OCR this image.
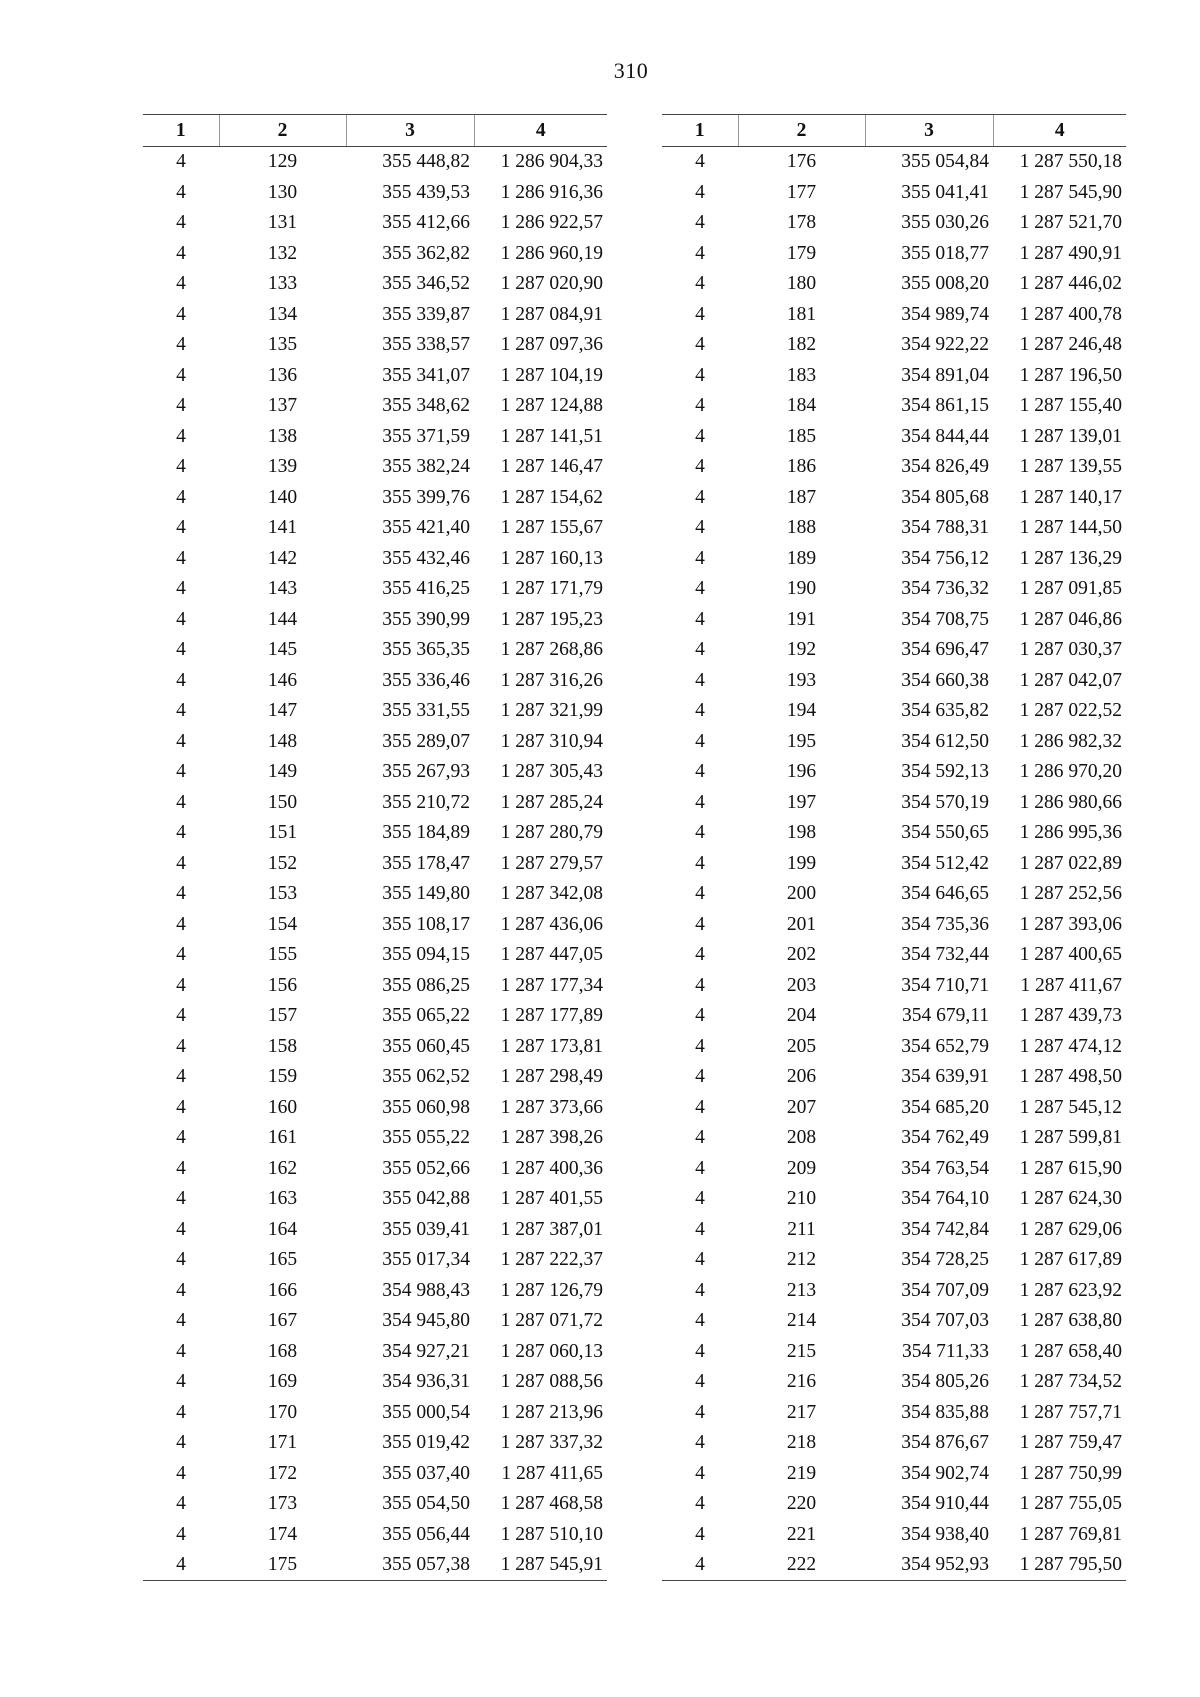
310
1	2	3	4
4	129	355 448,82	1 286 904,33
4	130	355 439,53	1 286 916,36
4	131	355 412,66	1 286 922,57
4	132	355 362,82	1 286 960,19
4	133	355 346,52	1 287 020,90
4	134	355 339,87	1 287 084,91
4	135	355 338,57	1 287 097,36
4	136	355 341,07	1 287 104,19
4	137	355 348,62	1 287 124,88
4	138	355 371,59	1 287 141,51
4	139	355 382,24	1 287 146,47
4	140	355 399,76	1 287 154,62
4	141	355 421,40	1 287 155,67
4	142	355 432,46	1 287 160,13
4	143	355 416,25	1 287 171,79
4	144	355 390,99	1 287 195,23
4	145	355 365,35	1 287 268,86
4	146	355 336,46	1 287 316,26
4	147	355 331,55	1 287 321,99
4	148	355 289,07	1 287 310,94
4	149	355 267,93	1 287 305,43
4	150	355 210,72	1 287 285,24
4	151	355 184,89	1 287 280,79
4	152	355 178,47	1 287 279,57
4	153	355 149,80	1 287 342,08
4	154	355 108,17	1 287 436,06
4	155	355 094,15	1 287 447,05
4	156	355 086,25	1 287 177,34
4	157	355 065,22	1 287 177,89
4	158	355 060,45	1 287 173,81
4	159	355 062,52	1 287 298,49
4	160	355 060,98	1 287 373,66
4	161	355 055,22	1 287 398,26
4	162	355 052,66	1 287 400,36
4	163	355 042,88	1 287 401,55
4	164	355 039,41	1 287 387,01
4	165	355 017,34	1 287 222,37
4	166	354 988,43	1 287 126,79
4	167	354 945,80	1 287 071,72
4	168	354 927,21	1 287 060,13
4	169	354 936,31	1 287 088,56
4	170	355 000,54	1 287 213,96
4	171	355 019,42	1 287 337,32
4	172	355 037,40	1 287 411,65
4	173	355 054,50	1 287 468,58
4	174	355 056,44	1 287 510,10
4	175	355 057,38	1 287 545,91
1	2	3	4
4	176	355 054,84	1 287 550,18
4	177	355 041,41	1 287 545,90
4	178	355 030,26	1 287 521,70
4	179	355 018,77	1 287 490,91
4	180	355 008,20	1 287 446,02
4	181	354 989,74	1 287 400,78
4	182	354 922,22	1 287 246,48
4	183	354 891,04	1 287 196,50
4	184	354 861,15	1 287 155,40
4	185	354 844,44	1 287 139,01
4	186	354 826,49	1 287 139,55
4	187	354 805,68	1 287 140,17
4	188	354 788,31	1 287 144,50
4	189	354 756,12	1 287 136,29
4	190	354 736,32	1 287 091,85
4	191	354 708,75	1 287 046,86
4	192	354 696,47	1 287 030,37
4	193	354 660,38	1 287 042,07
4	194	354 635,82	1 287 022,52
4	195	354 612,50	1 286 982,32
4	196	354 592,13	1 286 970,20
4	197	354 570,19	1 286 980,66
4	198	354 550,65	1 286 995,36
4	199	354 512,42	1 287 022,89
4	200	354 646,65	1 287 252,56
4	201	354 735,36	1 287 393,06
4	202	354 732,44	1 287 400,65
4	203	354 710,71	1 287 411,67
4	204	354 679,11	1 287 439,73
4	205	354 652,79	1 287 474,12
4	206	354 639,91	1 287 498,50
4	207	354 685,20	1 287 545,12
4	208	354 762,49	1 287 599,81
4	209	354 763,54	1 287 615,90
4	210	354 764,10	1 287 624,30
4	211	354 742,84	1 287 629,06
4	212	354 728,25	1 287 617,89
4	213	354 707,09	1 287 623,92
4	214	354 707,03	1 287 638,80
4	215	354 711,33	1 287 658,40
4	216	354 805,26	1 287 734,52
4	217	354 835,88	1 287 757,71
4	218	354 876,67	1 287 759,47
4	219	354 902,74	1 287 750,99
4	220	354 910,44	1 287 755,05
4	221	354 938,40	1 287 769,81
4	222	354 952,93	1 287 795,50
